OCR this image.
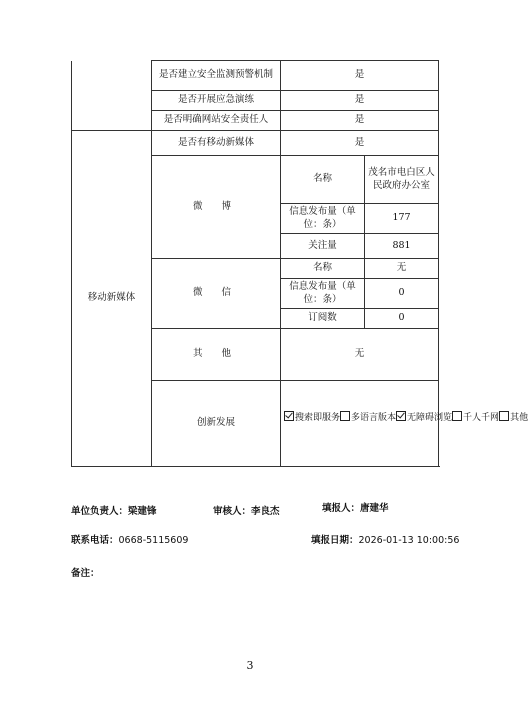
	是否建立安全监测预警机制	是	
	是否开展应急演练	是	
	是否明确网站安全责任人	是	
移动新媒体	是否有移动新媒体	是	
	微 博	名称	茂名市电白区人民政府办公室
		信息发布量（单位：条）	177
		关注量	881
	微 信	名称	无
		信息发布量（单位：条）	0
		订阅数	0
	其 他	无	
	创新发展	搜索即服务 多语言版本 无障碍浏览 千人千网 其他	
单位负责人：梁建锋	审核人：李良杰	填报人：唐建华
联系电话：0668-5115609	填报日期：2026-01-13 10:00:56
备注：
3
